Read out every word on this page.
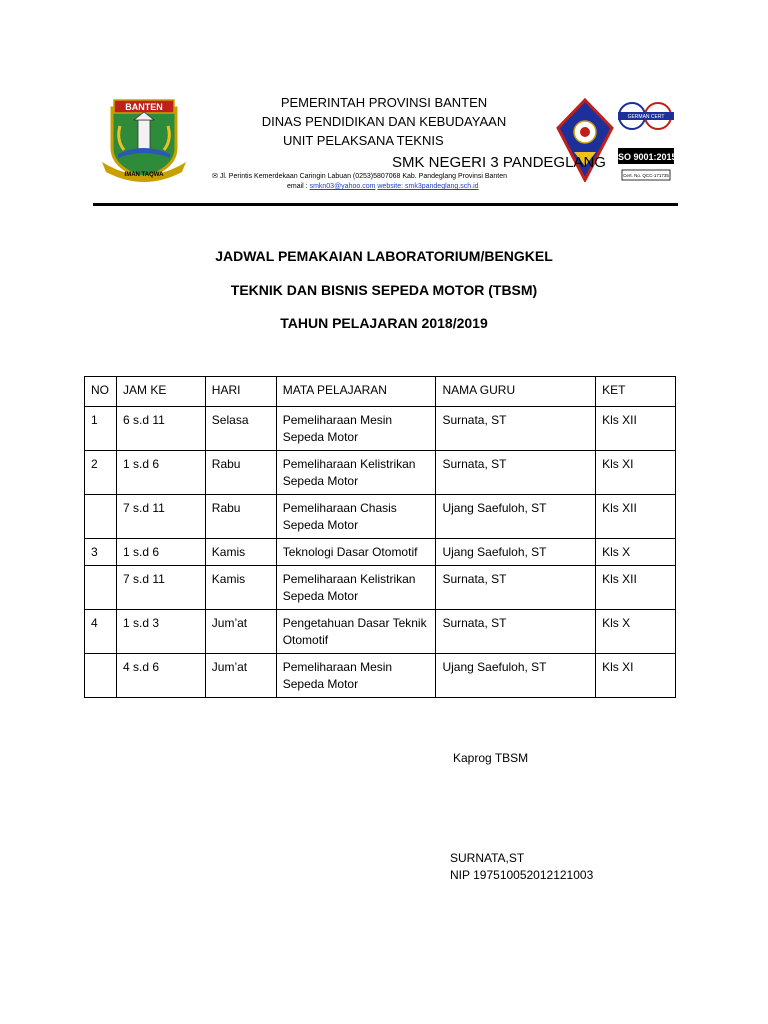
BANTEN
IMAN TAQWA
GERMAN CERT
ISO 9001:2015
Cert. No. QCC-171735
PEMERINTAH PROVINSI BANTEN
DINAS PENDIDIKAN DAN KEBUDAYAAN
UNIT PELAKSANA TEKNIS
SMK NEGERI 3 PANDEGLANG
✉ Jl. Perintis Kemerdekaan Caringin Labuan (0253)5807068 Kab. Pandeglang Provinsi Banten
email : smkn03@yahoo.com website: smk3pandeglang.sch.id
JADWAL PEMAKAIAN LABORATORIUM/BENGKEL
TEKNIK DAN BISNIS SEPEDA MOTOR (TBSM)
TAHUN PELAJARAN 2018/2019
NO	JAM KE	HARI	MATA PELAJARAN	NAMA GURU	KET
1	6 s.d 11	Selasa	Pemeliharaan Mesin Sepeda Motor	Surnata, ST	Kls XII
2	1 s.d 6	Rabu	Pemeliharaan Kelistrikan Sepeda Motor	Surnata, ST	Kls XI
	7 s.d 11	Rabu	Pemeliharaan Chasis Sepeda Motor	Ujang Saefuloh, ST	Kls XII
3	1 s.d 6	Kamis	Teknologi Dasar Otomotif	Ujang Saefuloh, ST	Kls X
	7 s.d 11	Kamis	Pemeliharaan Kelistrikan Sepeda Motor	Surnata, ST	Kls XII
4	1 s.d 3	Jum’at	Pengetahuan Dasar Teknik Otomotif	Surnata, ST	Kls X
	4 s.d 6	Jum’at	Pemeliharaan Mesin Sepeda Motor	Ujang Saefuloh, ST	Kls XI
Kaprog TBSM
SURNATA,ST
NIP 197510052012121003
